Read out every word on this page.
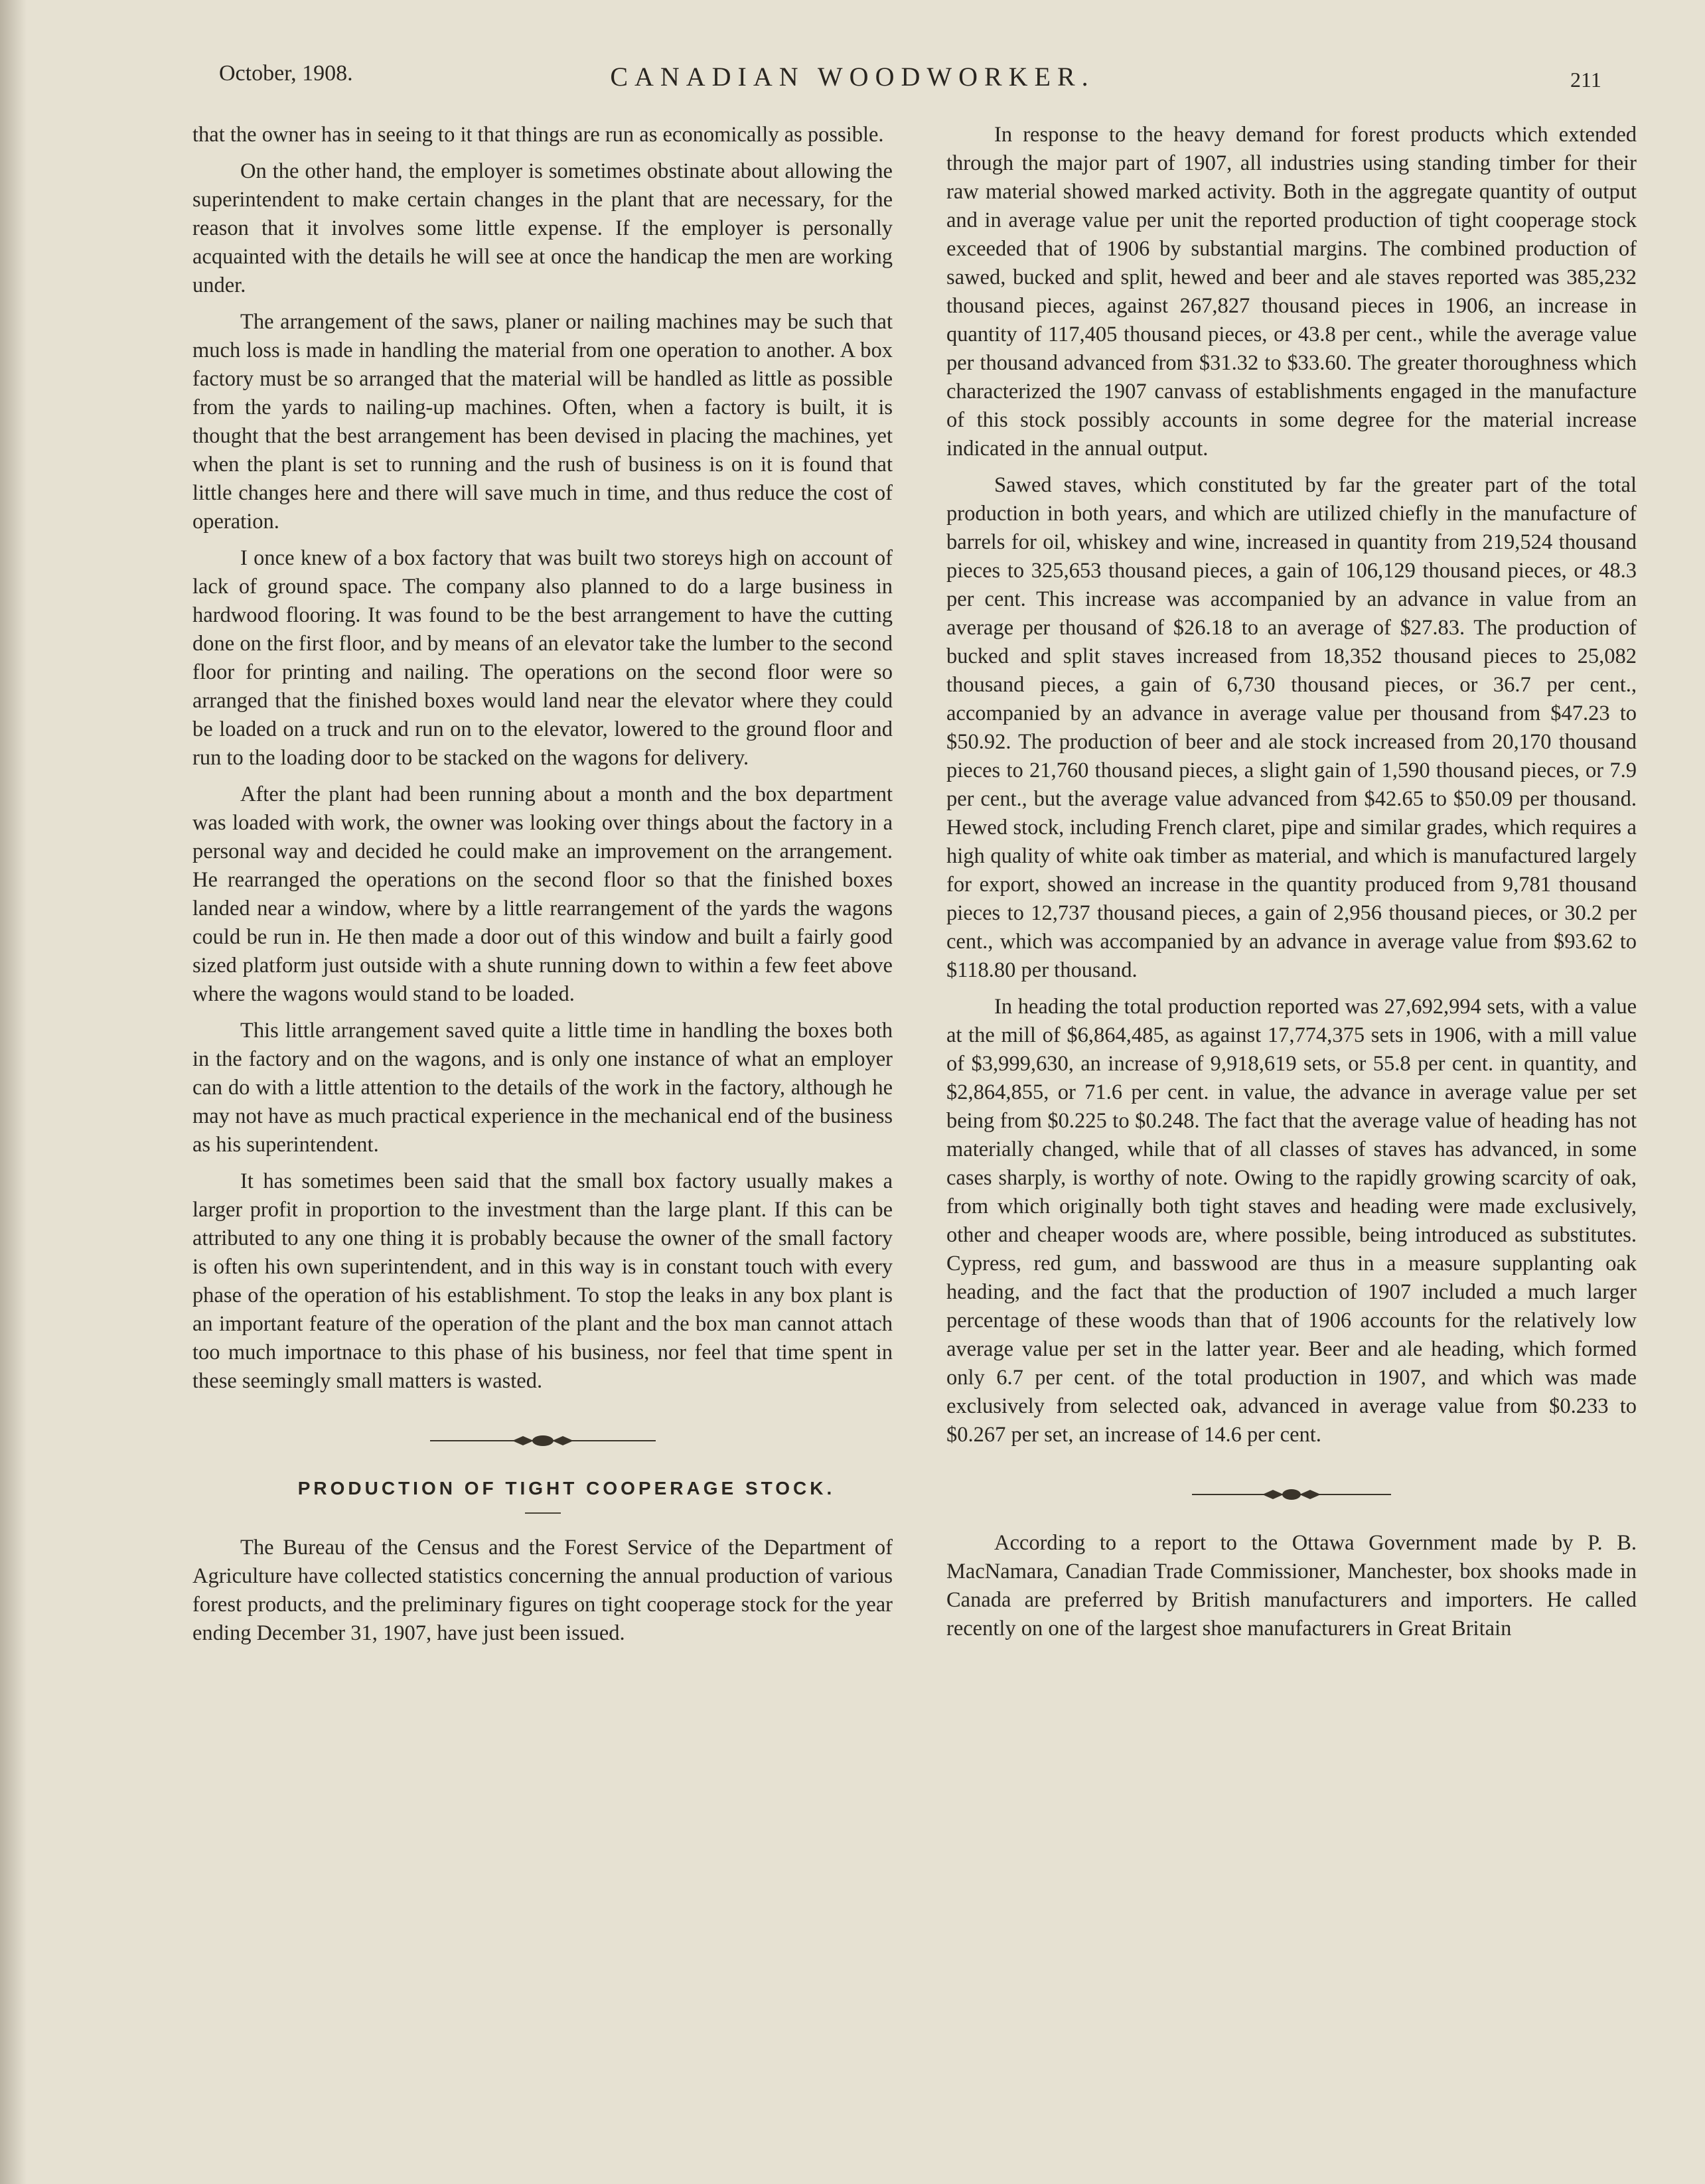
October, 1908.	CANADIAN WOODWORKER.	211

that the owner has in seeing to it that things are run as economically as possible.

On the other hand, the employer is sometimes obstinate about allowing the superintendent to make certain changes in the plant that are necessary, for the reason that it involves some little expense. If the employer is personally acquainted with the details he will see at once the handicap the men are working under.

The arrangement of the saws, planer or nailing machines may be such that much loss is made in handling the material from one operation to another. A box factory must be so arranged that the material will be handled as little as possible from the yards to nailing-up machines. Often, when a factory is built, it is thought that the best arrangement has been devised in placing the machines, yet when the plant is set to running and the rush of business is on it is found that little changes here and there will save much in time, and thus reduce the cost of operation.

I once knew of a box factory that was built two storeys high on account of lack of ground space. The company also planned to do a large business in hardwood flooring. It was found to be the best arrangement to have the cutting done on the first floor, and by means of an elevator take the lumber to the second floor for printing and nailing. The operations on the second floor were so arranged that the finished boxes would land near the elevator where they could be loaded on a truck and run on to the elevator, lowered to the ground floor and run to the loading door to be stacked on the wagons for delivery.

After the plant had been running about a month and the box department was loaded with work, the owner was looking over things about the factory in a personal way and decided he could make an improvement on the arrangement. He rearranged the operations on the second floor so that the finished boxes landed near a window, where by a little rearrangement of the yards the wagons could be run in. He then made a door out of this window and built a fairly good sized platform just outside with a shute running down to within a few feet above where the wagons would stand to be loaded.

This little arrangement saved quite a little time in handling the boxes both in the factory and on the wagons, and is only one instance of what an employer can do with a little attention to the details of the work in the factory, although he may not have as much practical experience in the mechanical end of the business as his superintendent.

It has sometimes been said that the small box factory usually makes a larger profit in proportion to the investment than the large plant. If this can be attributed to any one thing it is probably because the owner of the small factory is often his own superintendent, and in this way is in constant touch with every phase of the operation of his establishment. To stop the leaks in any box plant is an important feature of the operation of the plant and the box man cannot attach too much importnace to this phase of his business, nor feel that time spent in these seemingly small matters is wasted.

PRODUCTION OF TIGHT COOPERAGE STOCK.

The Bureau of the Census and the Forest Service of the Department of Agriculture have collected statistics concerning the annual production of various forest products, and the preliminary figures on tight cooperage stock for the year ending December 31, 1907, have just been issued.

In response to the heavy demand for forest products which extended through the major part of 1907, all industries using standing timber for their raw material showed marked activity. Both in the aggregate quantity of output and in average value per unit the reported production of tight cooperage stock exceeded that of 1906 by substantial margins. The combined production of sawed, bucked and split, hewed and beer and ale staves reported was 385,232 thousand pieces, against 267,827 thousand pieces in 1906, an increase in quantity of 117,405 thousand pieces, or 43.8 per cent., while the average value per thousand advanced from $31.32 to $33.60. The greater thoroughness which characterized the 1907 canvass of establishments engaged in the manufacture of this stock possibly accounts in some degree for the material increase indicated in the annual output.

Sawed staves, which constituted by far the greater part of the total production in both years, and which are utilized chiefly in the manufacture of barrels for oil, whiskey and wine, increased in quantity from 219,524 thousand pieces to 325,653 thousand pieces, a gain of 106,129 thousand pieces, or 48.3 per cent. This increase was accompanied by an advance in value from an average per thousand of $26.18 to an average of $27.83. The production of bucked and split staves increased from 18,352 thousand pieces to 25,082 thousand pieces, a gain of 6,730 thousand pieces, or 36.7 per cent., accompanied by an advance in average value per thousand from $47.23 to $50.92. The production of beer and ale stock increased from 20,170 thousand pieces to 21,760 thousand pieces, a slight gain of 1,590 thousand pieces, or 7.9 per cent., but the average value advanced from $42.65 to $50.09 per thousand. Hewed stock, including French claret, pipe and similar grades, which requires a high quality of white oak timber as material, and which is manufactured largely for export, showed an increase in the quantity produced from 9,781 thousand pieces to 12,737 thousand pieces, a gain of 2,956 thousand pieces, or 30.2 per cent., which was accompanied by an advance in average value from $93.62 to $118.80 per thousand.

In heading the total production reported was 27,692,994 sets, with a value at the mill of $6,864,485, as against 17,774,375 sets in 1906, with a mill value of $3,999,630, an increase of 9,918,619 sets, or 55.8 per cent. in quantity, and $2,864,855, or 71.6 per cent. in value, the advance in average value per set being from $0.225 to $0.248. The fact that the average value of heading has not materially changed, while that of all classes of staves has advanced, in some cases sharply, is worthy of note. Owing to the rapidly growing scarcity of oak, from which originally both tight staves and heading were made exclusively, other and cheaper woods are, where possible, being introduced as substitutes. Cypress, red gum, and basswood are thus in a measure supplanting oak heading, and the fact that the production of 1907 included a much larger percentage of these woods than that of 1906 accounts for the relatively low average value per set in the latter year. Beer and ale heading, which formed only 6.7 per cent. of the total production in 1907, and which was made exclusively from selected oak, advanced in average value from $0.233 to $0.267 per set, an increase of 14.6 per cent.

According to a report to the Ottawa Government made by P. B. MacNamara, Canadian Trade Commissioner, Manchester, box shooks made in Canada are preferred by British manufacturers and importers. He called recently on one of the largest shoe manufacturers in Great Britain
